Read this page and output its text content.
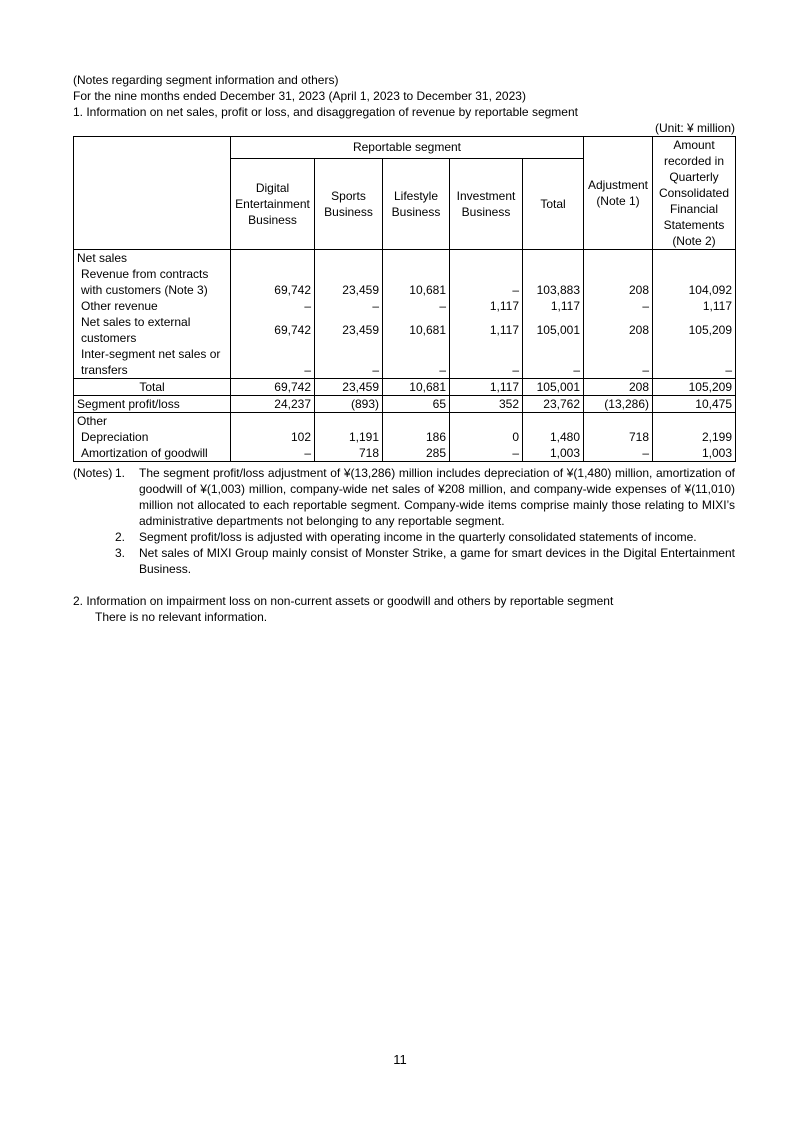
(Notes regarding segment information and others)
For the nine months ended December 31, 2023 (April 1, 2023 to December 31, 2023)
1. Information on net sales, profit or loss, and disaggregation of revenue by reportable segment
(Unit: ¥ million)
	Reportable segment					Adjustment (Note 1)	Amount recorded in Quarterly Consolidated Financial Statements (Note 2)
	Digital Entertainment Business	Sports Business	Lifestyle Business	Investment Business	Total		

Net sales
Revenue from contracts with customers (Note 3)	69,742	23,459	10,681	–	103,883	208	104,092

Other revenue	–	–	–	1,117	1,117	–	1,117

Net sales to external customers	69,742	23,459	10,681	1,117	105,001	208	105,209

Inter-segment net sales or transfers	–	–	–	–	–	–	–
Total	69,742	23,459	10,681	1,117	105,001	208	105,209
Segment profit/loss	24,237	(893)	65	352	23,762	(13,286)	10,475

Other
Depreciation	102	1,191	186	0	1,480	718	2,199

Amortization of goodwill	–	718	285	–	1,003	–	1,003
(Notes) 1.	The segment profit/loss adjustment of ¥(13,286) million includes depreciation of ¥(1,480) million, amortization of goodwill of ¥(1,003) million, company-wide net sales of ¥208 million, and company-wide expenses of ¥(11,010) million not allocated to each reportable segment. Company-wide items comprise mainly those relating to MIXI’s administrative departments not belonging to any reportable segment.
2.	Segment profit/loss is adjusted with operating income in the quarterly consolidated statements of income.
3.	Net sales of MIXI Group mainly consist of Monster Strike, a game for smart devices in the Digital Entertainment Business.
2. Information on impairment loss on non-current assets or goodwill and others by reportable segment
There is no relevant information.
11
